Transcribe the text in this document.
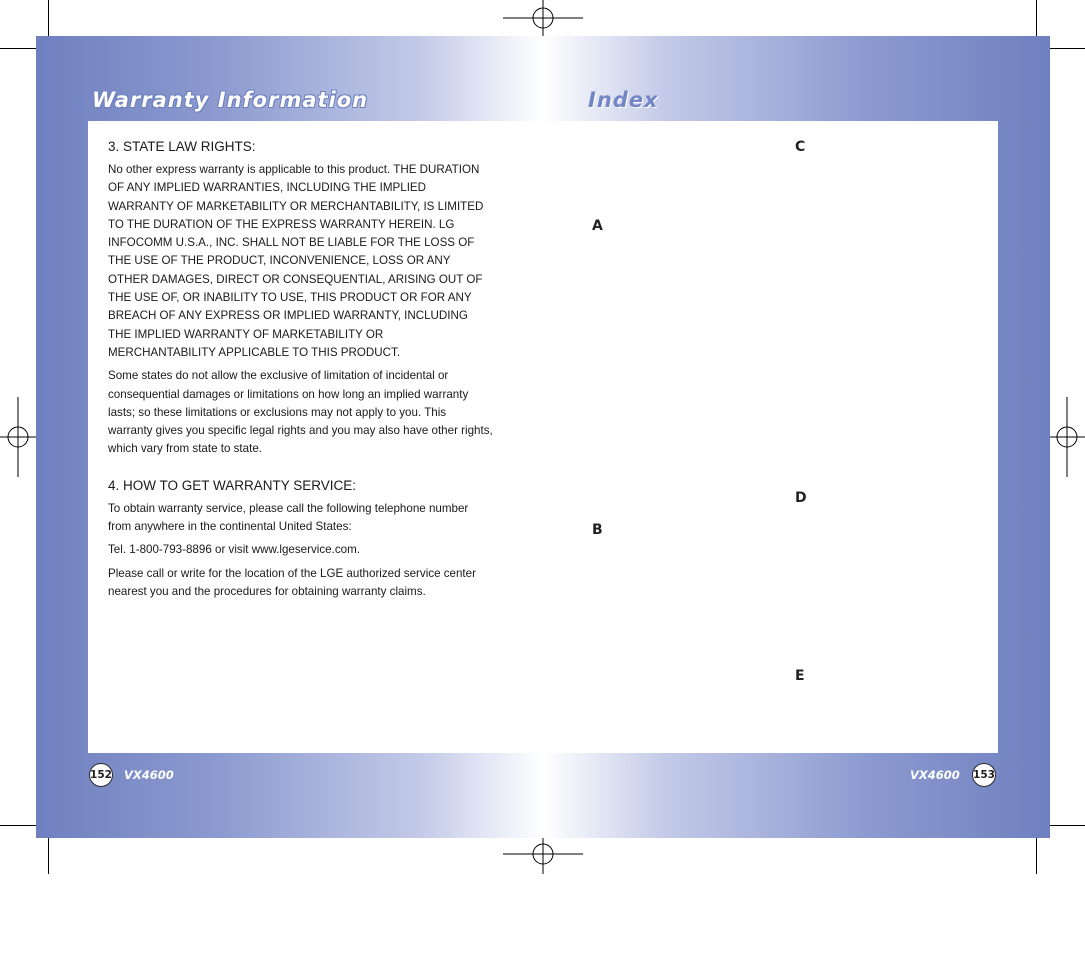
Warranty Information	Index

3. STATE LAW RIGHTS:

No other express warranty is applicable to this product. THE DURATION OF ANY IMPLIED WARRANTIES, INCLUDING THE IMPLIED WARRANTY OF MARKETABILITY OR MERCHANTABILITY, IS LIMITED TO THE DURATION OF THE EXPRESS WARRANTY HEREIN. LG INFOCOMM U.S.A., INC. SHALL NOT BE LIABLE FOR THE LOSS OF THE USE OF THE PRODUCT, INCONVENIENCE, LOSS OR ANY OTHER DAMAGES, DIRECT OR CONSEQUENTIAL, ARISING OUT OF THE USE OF, OR INABILITY TO USE, THIS PRODUCT OR FOR ANY BREACH OF ANY EXPRESS OR IMPLIED WARRANTY, INCLUDING THE IMPLIED WARRANTY OF MARKETABILITY OR MERCHANTABILITY APPLICABLE TO THIS PRODUCT.

Some states do not allow the exclusive of limitation of incidental or consequential damages or limitations on how long an implied warranty lasts; so these limitations or exclusions may not apply to you. This warranty gives you specific legal rights and you may also have other rights, which vary from state to state.

4. HOW TO GET WARRANTY SERVICE:

To obtain warranty service, please call the following telephone number from anywhere in the continental United States:

Tel. 1-800-793-8896 or visit www.lgeservice.com.

Please call or write for the location of the LGE authorized service center nearest you and the procedures for obtaining warranty claims.

A
B
C
D
E
152 VX4600	VX4600 153
